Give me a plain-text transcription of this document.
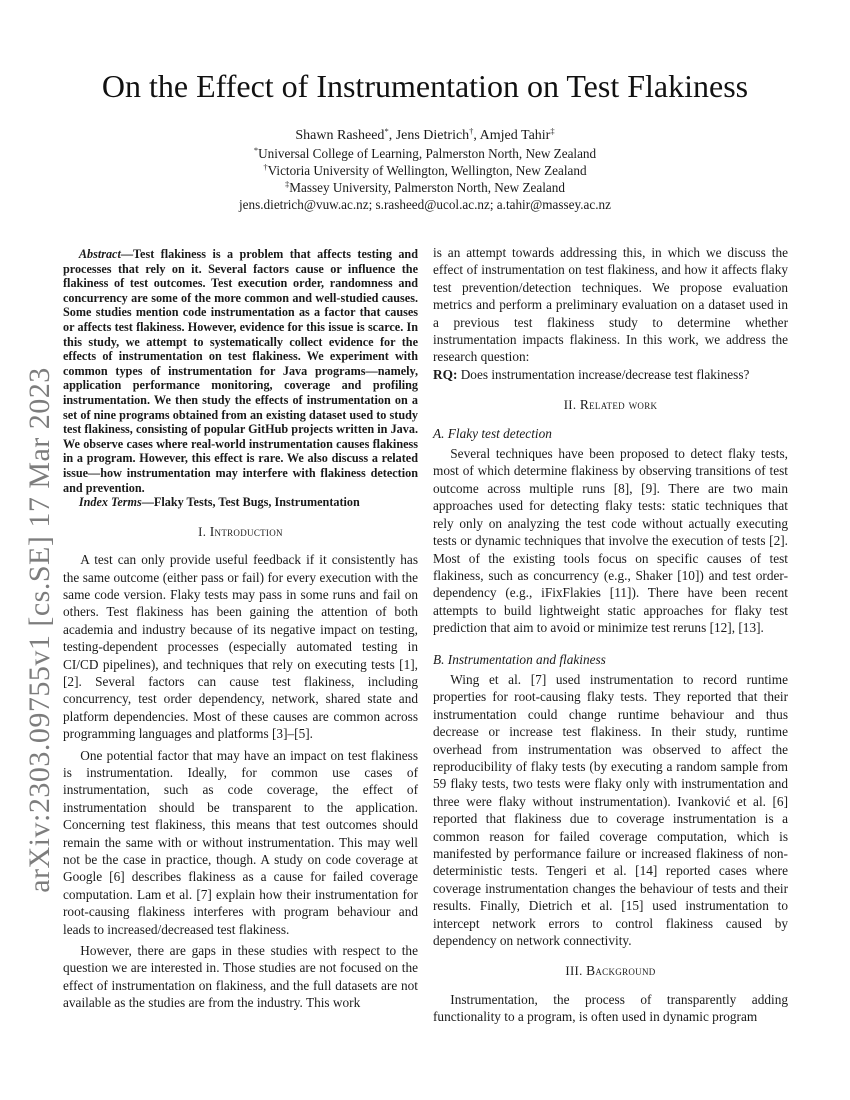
arXiv:2303.09755v1 [cs.SE] 17 Mar 2023
On the Effect of Instrumentation on Test Flakiness
Shawn Rasheed*, Jens Dietrich†, Amjed Tahir‡
*Universal College of Learning, Palmerston North, New Zealand
†Victoria University of Wellington, Wellington, New Zealand
‡Massey University, Palmerston North, New Zealand
jens.dietrich@vuw.ac.nz; s.rasheed@ucol.ac.nz; a.tahir@massey.ac.nz

Abstract—Test flakiness is a problem that affects testing and processes that rely on it. Several factors cause or influence the flakiness of test outcomes. Test execution order, randomness and concurrency are some of the more common and well-studied causes. Some studies mention code instrumentation as a factor that causes or affects test flakiness. However, evidence for this issue is scarce. In this study, we attempt to systematically collect evidence for the effects of instrumentation on test flakiness. We experiment with common types of instrumentation for Java programs—namely, application performance monitoring, coverage and profiling instrumentation. We then study the effects of instrumentation on a set of nine programs obtained from an existing dataset used to study test flakiness, consisting of popular GitHub projects written in Java. We observe cases where real-world instrumentation causes flakiness in a program. However, this effect is rare. We also discuss a related issue—how instrumentation may interfere with flakiness detection and prevention.

Index Terms—Flaky Tests, Test Bugs, Instrumentation

I. Introduction

A test can only provide useful feedback if it consistently has the same outcome (either pass or fail) for every execution with the same code version. Flaky tests may pass in some runs and fail on others. Test flakiness has been gaining the attention of both academia and industry because of its negative impact on testing, testing-dependent processes (especially automated testing in CI/CD pipelines), and techniques that rely on executing tests [1], [2]. Several factors can cause test flakiness, including concurrency, test order dependency, network, shared state and platform dependencies. Most of these causes are common across programming languages and platforms [3]–[5].

One potential factor that may have an impact on test flakiness is instrumentation. Ideally, for common use cases of instrumentation, such as code coverage, the effect of instrumentation should be transparent to the application. Concerning test flakiness, this means that test outcomes should remain the same with or without instrumentation. This may well not be the case in practice, though. A study on code coverage at Google [6] describes flakiness as a cause for failed coverage computation. Lam et al. [7] explain how their instrumentation for root-causing flakiness interferes with program behaviour and leads to increased/decreased test flakiness.

However, there are gaps in these studies with respect to the question we are interested in. Those studies are not focused on the effect of instrumentation on flakiness, and the full datasets are not available as the studies are from the industry. This work

is an attempt towards addressing this, in which we discuss the effect of instrumentation on test flakiness, and how it affects flaky test prevention/detection techniques. We propose evaluation metrics and perform a preliminary evaluation on a dataset used in a previous test flakiness study to determine whether instrumentation impacts flakiness. In this work, we address the research question:

RQ: Does instrumentation increase/decrease test flakiness?

II. Related work
A. Flaky test detection

Several techniques have been proposed to detect flaky tests, most of which determine flakiness by observing transitions of test outcome across multiple runs [8], [9]. There are two main approaches used for detecting flaky tests: static techniques that rely only on analyzing the test code without actually executing tests or dynamic techniques that involve the execution of tests [2]. Most of the existing tools focus on specific causes of test flakiness, such as concurrency (e.g., Shaker [10]) and test order-dependency (e.g., iFixFlakies [11]). There have been recent attempts to build lightweight static approaches for flaky test prediction that aim to avoid or minimize test reruns [12], [13].

B. Instrumentation and flakiness

Wing et al. [7] used instrumentation to record runtime properties for root-causing flaky tests. They reported that their instrumentation could change runtime behaviour and thus decrease or increase test flakiness. In their study, runtime overhead from instrumentation was observed to affect the reproducibility of flaky tests (by executing a random sample from 59 flaky tests, two tests were flaky only with instrumentation and three were flaky without instrumentation). Ivanković et al. [6] reported that flakiness due to coverage instrumentation is a common reason for failed coverage computation, which is manifested by performance failure or increased flakiness of non-deterministic tests. Tengeri et al. [14] reported cases where coverage instrumentation changes the behaviour of tests and their results. Finally, Dietrich et al. [15] used instrumentation to intercept network errors to control flakiness caused by dependency on network connectivity.

III. Background

Instrumentation, the process of transparently adding functionality to a program, is often used in dynamic program
